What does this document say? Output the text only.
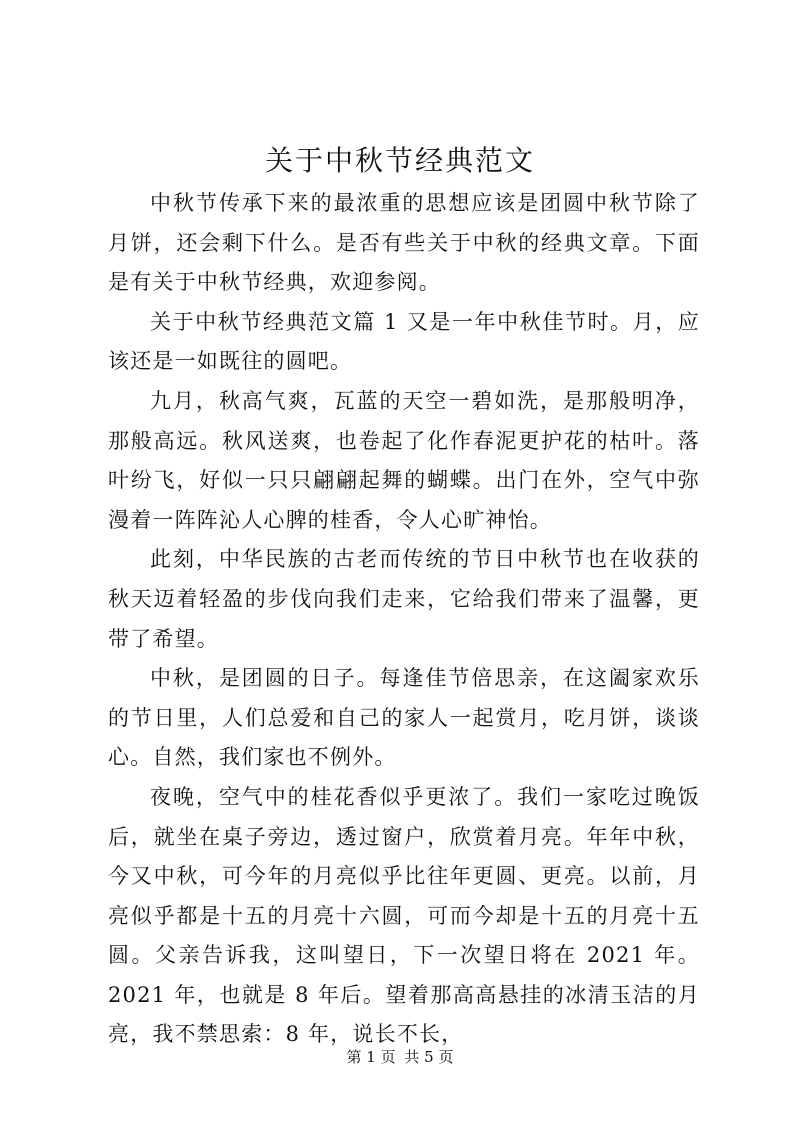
关于中秋节经典范文

中秋节传承下来的最浓重的思想应该是团圆中秋节除了月饼，还会剩下什么。是否有些关于中秋的经典文章。下面是有关于中秋节经典，欢迎参阅。

关于中秋节经典范文篇 1 又是一年中秋佳节时。月，应该还是一如既往的圆吧。

九月，秋高气爽，瓦蓝的天空一碧如洗，是那般明净，那般高远。秋风送爽，也卷起了化作春泥更护花的枯叶。落叶纷飞，好似一只只翩翩起舞的蝴蝶。出门在外，空气中弥漫着一阵阵沁人心脾的桂香，令人心旷神怡。

此刻，中华民族的古老而传统的节日中秋节也在收获的秋天迈着轻盈的步伐向我们走来，它给我们带来了温馨，更带了希望。

中秋，是团圆的日子。每逢佳节倍思亲，在这阖家欢乐的节日里，人们总爱和自己的家人一起赏月，吃月饼，谈谈心。自然，我们家也不例外。

夜晚，空气中的桂花香似乎更浓了。我们一家吃过晚饭后，就坐在桌子旁边，透过窗户，欣赏着月亮。年年中秋，今又中秋，可今年的月亮似乎比往年更圆、更亮。以前，月亮似乎都是十五的月亮十六圆，可而今却是十五的月亮十五圆。父亲告诉我，这叫望日，下一次望日将在 2021 年。2021 年，也就是 8 年后。望着那高高悬挂的冰清玉洁的月亮，我不禁思索：8 年，说长不长，

第 1 页 共 5 页
